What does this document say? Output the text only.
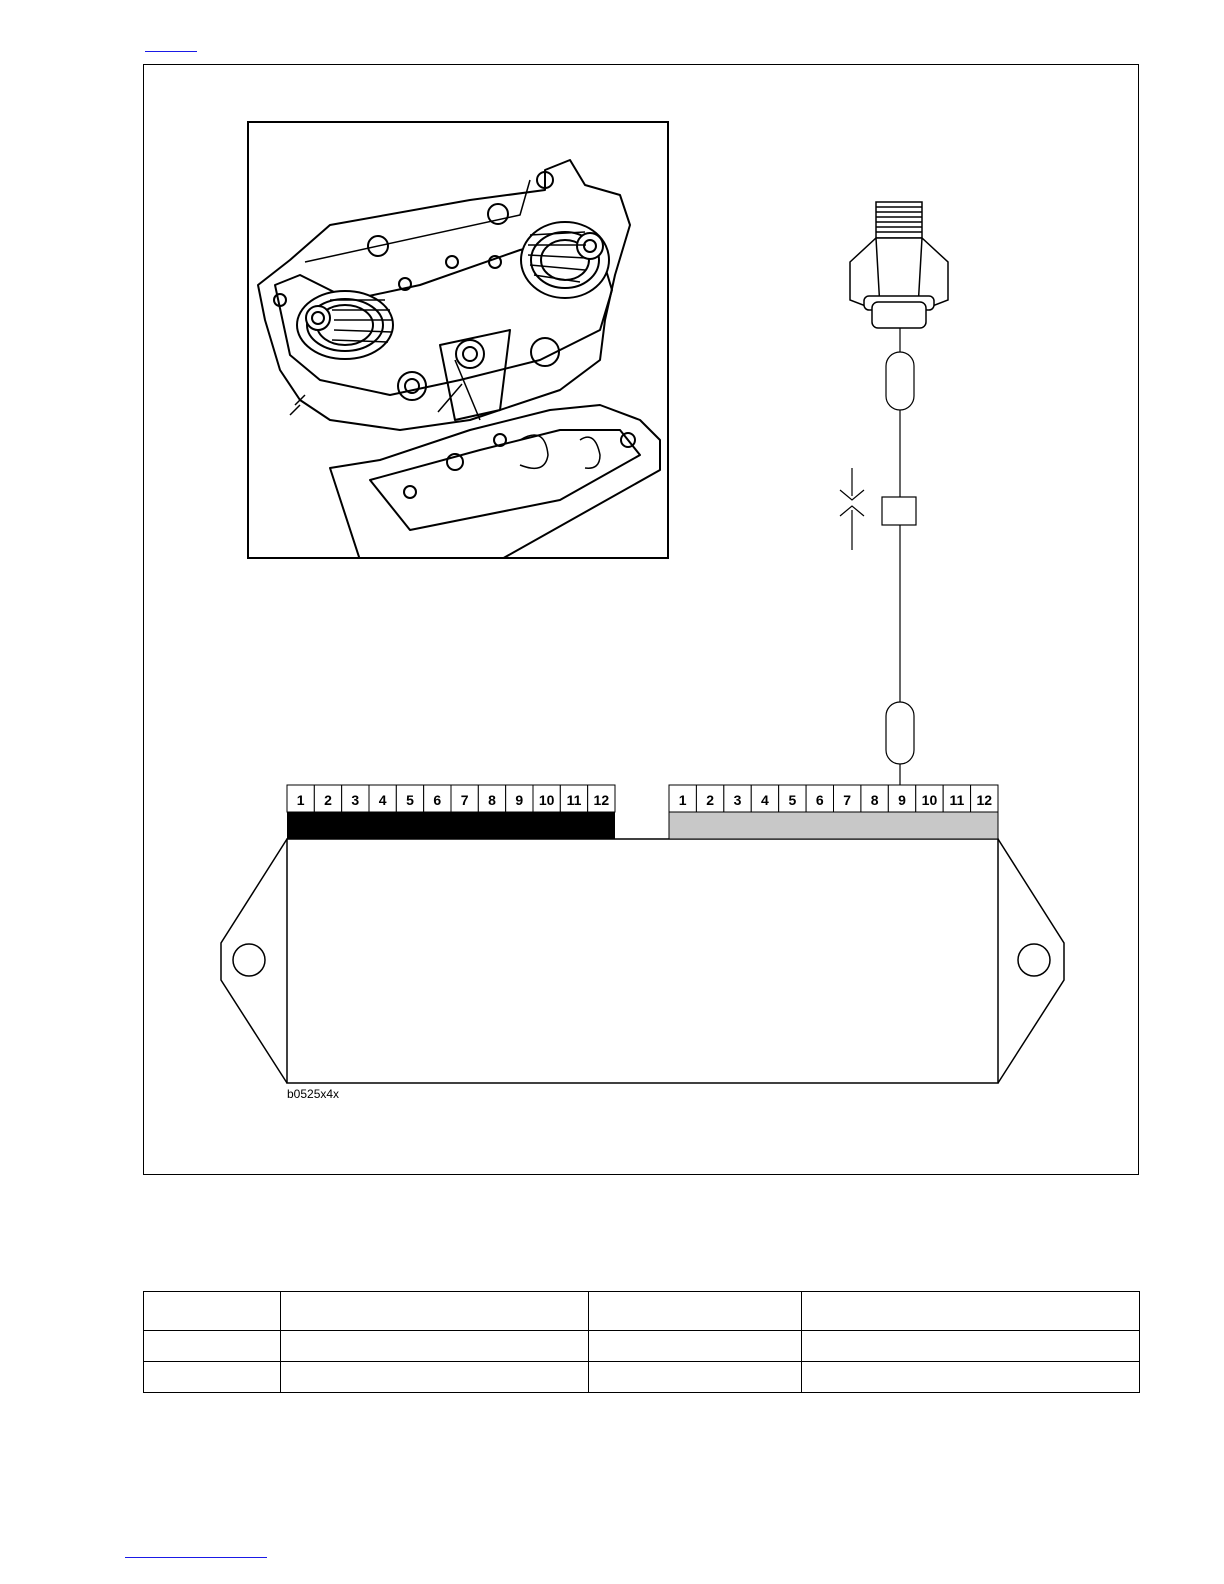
1 2 3 4 5 6 7 8 9 10 11 12	1 2 3 4 5 6 7 8 9 10 11 12
b0525x4x
